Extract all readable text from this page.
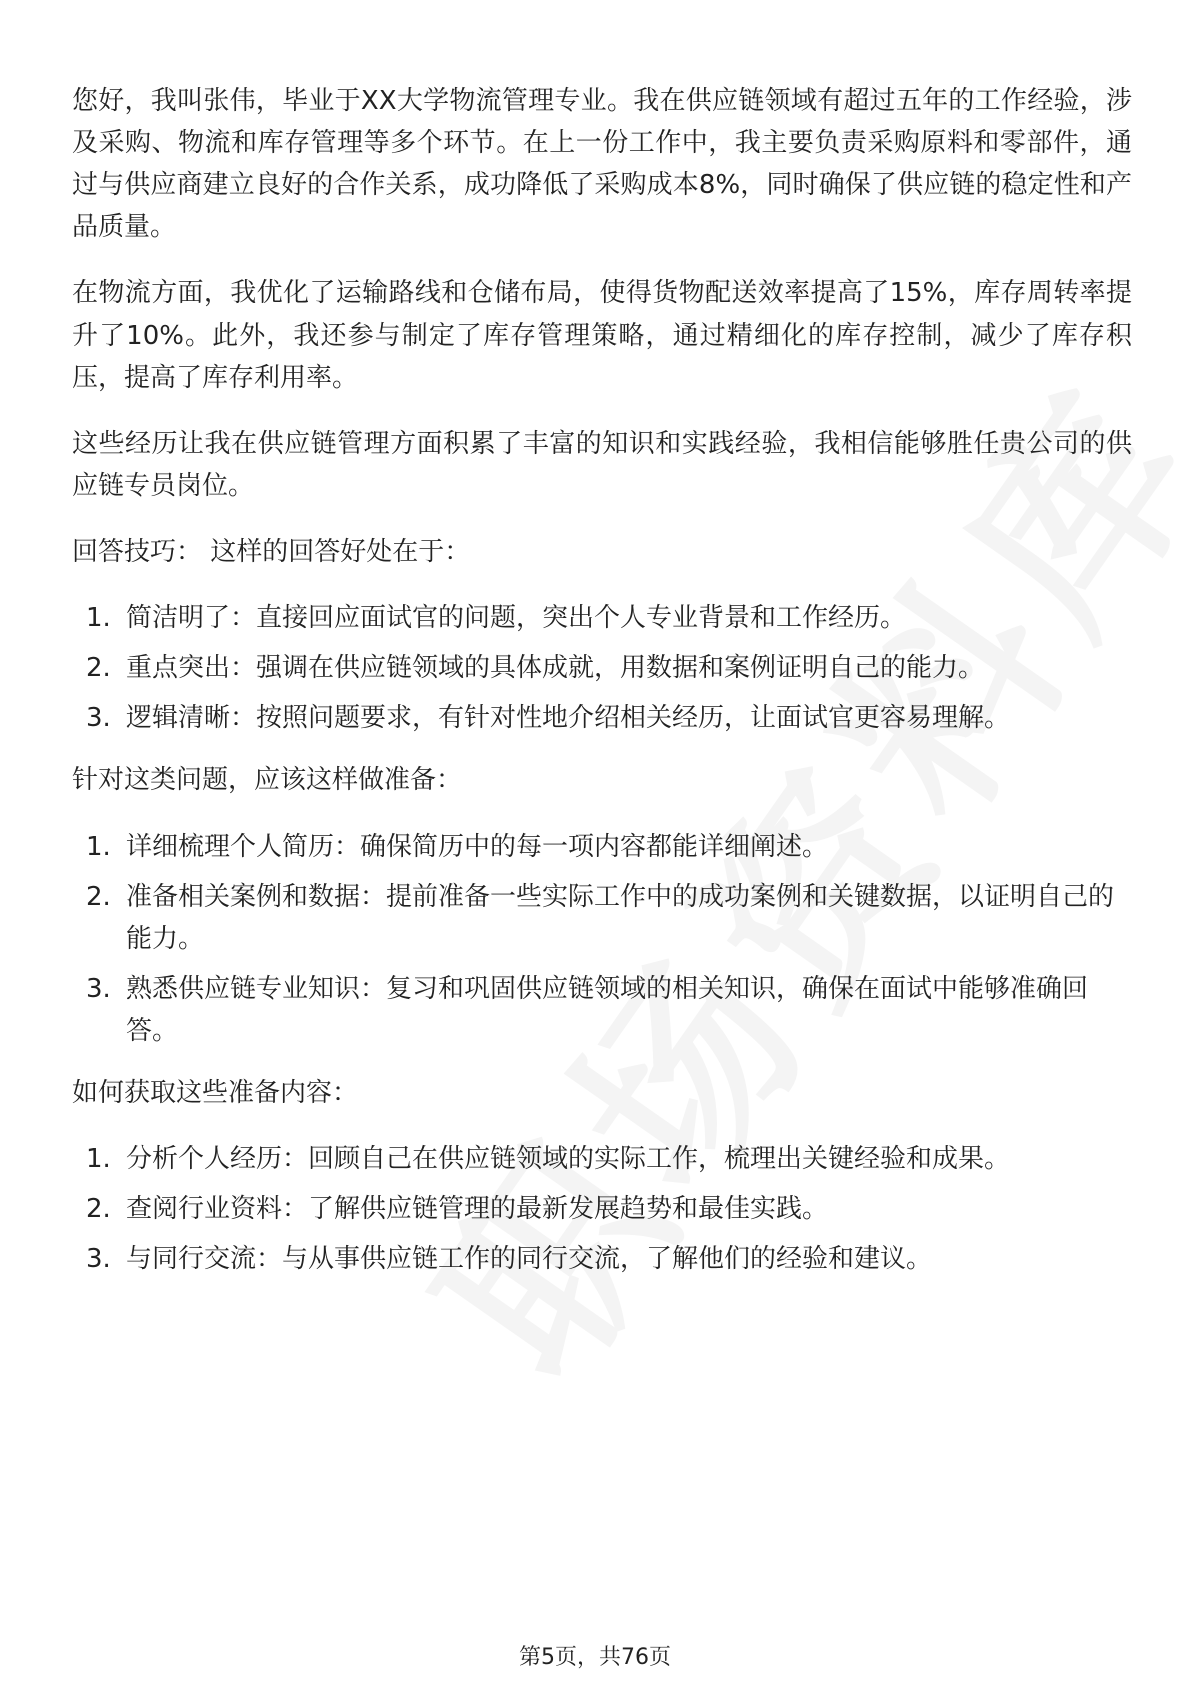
您好，我叫张伟，毕业于XX大学物流管理专业。我在供应链领域有超过五年的工作经验，涉及采购、物流和库存管理等多个环节。在上一份工作中，我主要负责采购原料和零部件，通过与供应商建立良好的合作关系，成功降低了采购成本8%，同时确保了供应链的稳定性和产品质量。

在物流方面，我优化了运输路线和仓储布局，使得货物配送效率提高了15%，库存周转率提升了10%。此外，我还参与制定了库存管理策略，通过精细化的库存控制，减少了库存积压，提高了库存利用率。

这些经历让我在供应链管理方面积累了丰富的知识和实践经验，我相信能够胜任贵公司的供应链专员岗位。

回答技巧： 这样的回答好处在于：

1. 简洁明了：直接回应面试官的问题，突出个人专业背景和工作经历。
2. 重点突出：强调在供应链领域的具体成就，用数据和案例证明自己的能力。
3. 逻辑清晰：按照问题要求，有针对性地介绍相关经历，让面试官更容易理解。

针对这类问题，应该这样做准备：

1. 详细梳理个人简历：确保简历中的每一项内容都能详细阐述。
2. 准备相关案例和数据：提前准备一些实际工作中的成功案例和关键数据，以证明自己的能力。
3. 熟悉供应链专业知识：复习和巩固供应链领域的相关知识，确保在面试中能够准确回答。

如何获取这些准备内容：

1. 分析个人经历：回顾自己在供应链领域的实际工作，梳理出关键经验和成果。
2. 查阅行业资料：了解供应链管理的最新发展趋势和最佳实践。
3. 与同行交流：与从事供应链工作的同行交流，了解他们的经验和建议。
第5页，共76页
